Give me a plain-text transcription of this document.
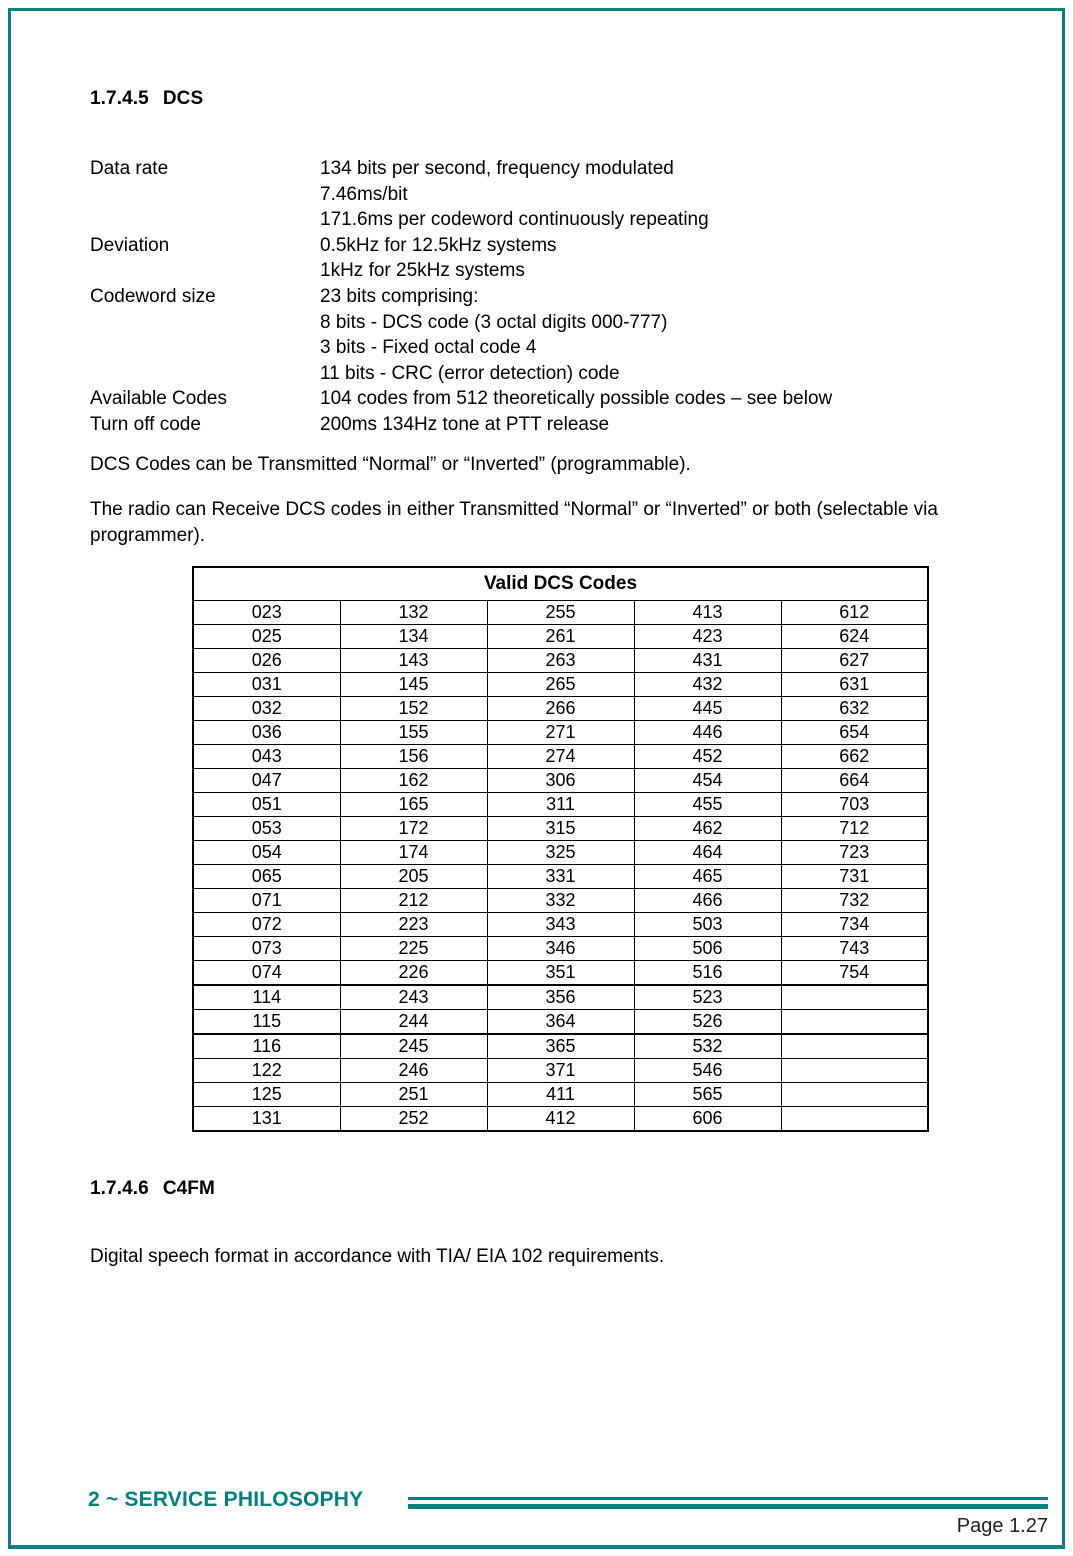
1.7.4.5 DCS
Data rate	134 bits per second, frequency modulated
7.46ms/bit
171.6ms per codeword continuously repeating
Deviation	0.5kHz for 12.5kHz systems
1kHz for 25kHz systems
Codeword size	23 bits comprising:
8 bits - DCS code (3 octal digits 000-777)
3 bits - Fixed octal code 4
11 bits - CRC (error detection) code
Available Codes	104 codes from 512 theoretically possible codes – see below
Turn off code	200ms 134Hz tone at PTT release
DCS Codes can be Transmitted “Normal” or “Inverted” (programmable).
The radio can Receive DCS codes in either Transmitted “Normal” or “Inverted” or both (selectable via programmer).
Valid DCS Codes				
023	132	255	413	612
025	134	261	423	624
026	143	263	431	627
031	145	265	432	631
032	152	266	445	632
036	155	271	446	654
043	156	274	452	662
047	162	306	454	664
051	165	311	455	703
053	172	315	462	712
054	174	325	464	723
065	205	331	465	731
071	212	332	466	732
072	223	343	503	734
073	225	346	506	743
074	226	351	516	754
114	243	356	523	
115	244	364	526	
116	245	365	532	
122	246	371	546	
125	251	411	565	
131	252	412	606	
1.7.4.6 C4FM
Digital speech format in accordance with TIA/ EIA 102 requirements.
2 ~ SERVICE PHILOSOPHY
Page 1.27
